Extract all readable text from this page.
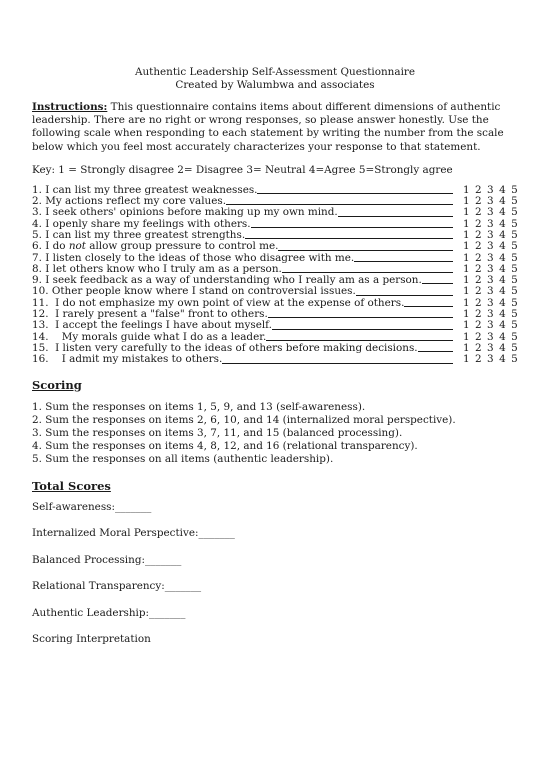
Authentic Leadership Self-Assessment Questionnaire
Created by Walumbwa and associates
Instructions: This questionnaire contains items about different dimensions of authentic leadership. There are no right or wrong responses, so please answer honestly. Use the following scale when responding to each statement by writing the number from the scale below which you feel most accurately characterizes your response to that statement.
Key: 1 = Strongly disagree 2= Disagree 3= Neutral 4=Agree 5=Strongly agree
1. I can list my three greatest weaknesses.	1 2 3 4 5
2. My actions reflect my core values.	1 2 3 4 5
3. I seek others' opinions before making up my own mind.	1 2 3 4 5
4. I openly share my feelings with others.	1 2 3 4 5
5. I can list my three greatest strengths.	1 2 3 4 5
6. I do not allow group pressure to control me.	1 2 3 4 5
7. I listen closely to the ideas of those who disagree with me.	1 2 3 4 5
8. I let others know who I truly am as a person.	1 2 3 4 5
9. I seek feedback as a way of understanding who I really am as a person.	1 2 3 4 5
10. Other people know where I stand on controversial issues.	1 2 3 4 5
11. I do not emphasize my own point of view at the expense of others.	1 2 3 4 5
12. I rarely present a "false" front to others.	1 2 3 4 5
13. I accept the feelings I have about myself.	1 2 3 4 5
14. My morals guide what I do as a leader.	1 2 3 4 5
15. I listen very carefully to the ideas of others before making decisions.	1 2 3 4 5
16. I admit my mistakes to others.	1 2 3 4 5
Scoring
1. Sum the responses on items 1, 5, 9, and 13 (self-awareness).
2. Sum the responses on items 2, 6, 10, and 14 (internalized moral perspective).
3. Sum the responses on items 3, 7, 11, and 15 (balanced processing).
4. Sum the responses on items 4, 8, 12, and 16 (relational transparency).
5. Sum the responses on all items (authentic leadership).
Total Scores
Self-awareness:_______
Internalized Moral Perspective:_______
Balanced Processing:_______
Relational Transparency:_______
Authentic Leadership:_______
Scoring Interpretation
